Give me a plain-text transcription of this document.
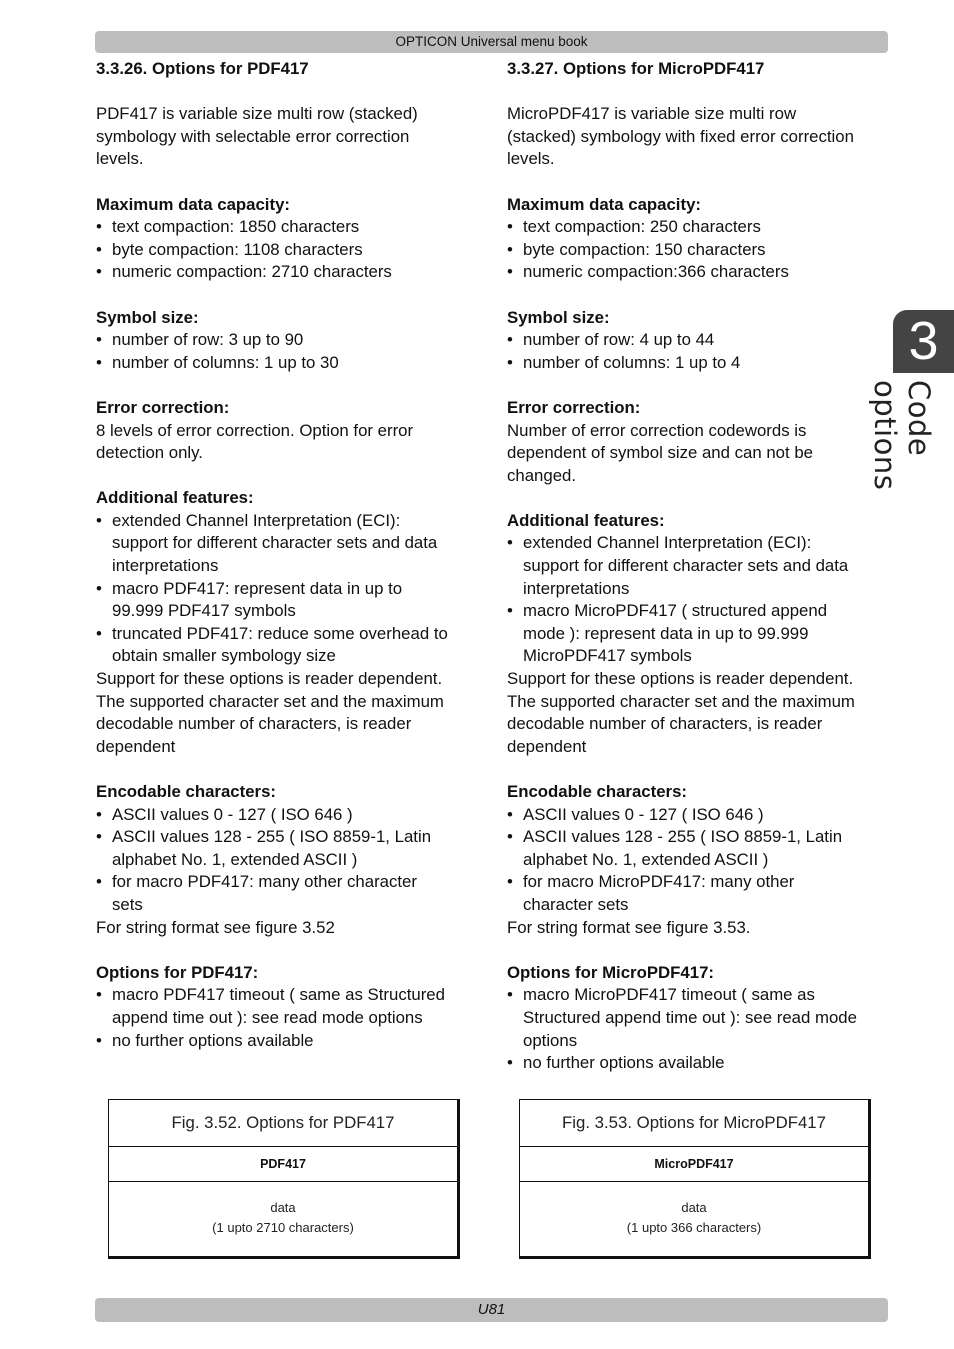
OPTICON Universal menu book
3
Code options
3.3.26. Options for PDF417
PDF417 is variable size multi row (stacked)
symbology with selectable error correction
levels.
Maximum data capacity:
• text compaction: 1850 characters
• byte compaction: 1108 characters
• numeric compaction: 2710 characters
Symbol size:
• number of row: 3 up to 90
• number of columns: 1 up to 30
Error correction:
8 levels of error correction. Option for error
detection only.
Additional features:
• extended Channel Interpretation (ECI):
support for different character sets and data
interpretations
• macro PDF417: represent data in up to
99.999 PDF417 symbols
• truncated PDF417: reduce some overhead to
obtain smaller symbology size
Support for these options is reader dependent.
The supported character set and the maximum
decodable number of characters, is reader
dependent
Encodable characters:
• ASCII values 0 - 127 ( ISO 646 )
• ASCII values 128 - 255 ( ISO 8859-1, Latin
alphabet No. 1, extended ASCII )
• for macro PDF417: many other character
sets
For string format see figure 3.52
Options for PDF417:
• macro PDF417 timeout ( same as Structured
append time out ): see read mode options
• no further options available
3.3.27. Options for MicroPDF417
MicroPDF417 is variable size multi row
(stacked) symbology with fixed error correction
levels.
Maximum data capacity:
• text compaction: 250 characters
• byte compaction: 150 characters
• numeric compaction:366 characters
Symbol size:
• number of row: 4 up to 44
• number of columns: 1 up to 4
Error correction:
Number of error correction codewords is
dependent of symbol size and can not be
changed.
Additional features:
• extended Channel Interpretation (ECI):
support for different character sets and data
interpretations
• macro MicroPDF417 ( structured append
mode ): represent data in up to 99.999
MicroPDF417 symbols
Support for these options is reader dependent.
The supported character set and the maximum
decodable number of characters, is reader
dependent
Encodable characters:
• ASCII values 0 - 127 ( ISO 646 )
• ASCII values 128 - 255 ( ISO 8859-1, Latin
alphabet No. 1, extended ASCII )
• for macro MicroPDF417: many other
character sets
For string format see figure 3.53.
Options for MicroPDF417:
• macro MicroPDF417 timeout ( same as
Structured append time out ): see read mode
options
• no further options available
Fig. 3.52. Options for PDF417
PDF417
data
(1 upto 2710 characters)
Fig. 3.53. Options for MicroPDF417
MicroPDF417
data
(1 upto 366 characters)
U81
